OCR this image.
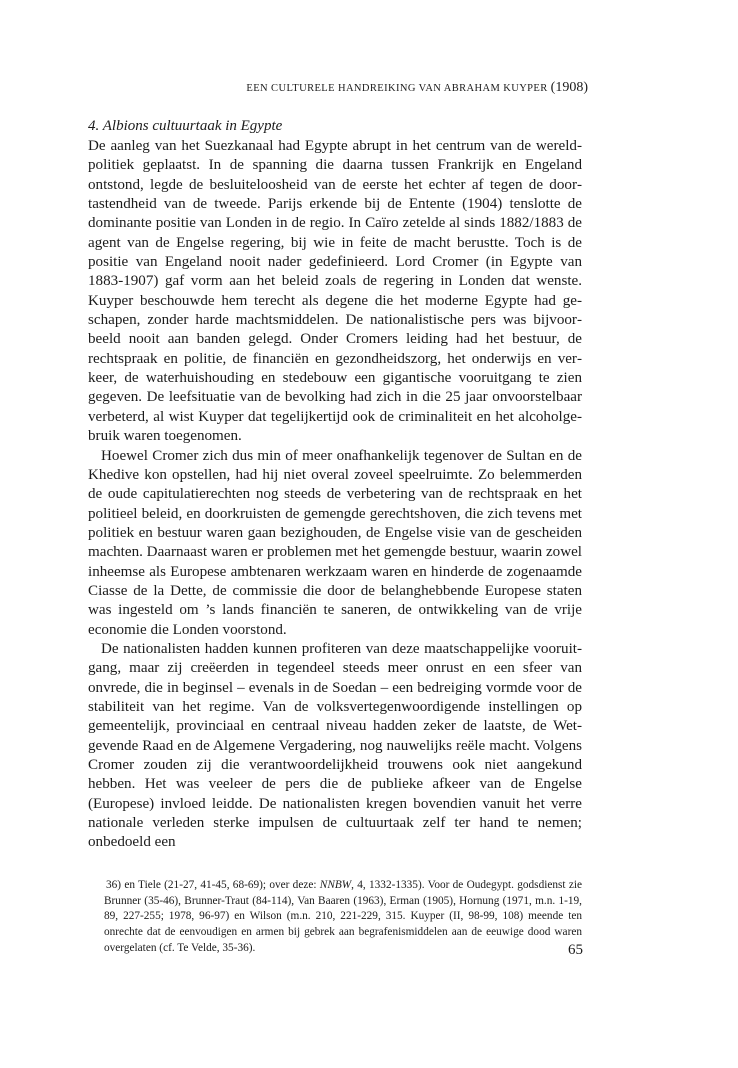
EEN CULTURELE HANDREIKING VAN ABRAHAM KUYPER (1908)
4. Albions cultuurtaak in Egypte

De aanleg van het Suezkanaal had Egypte abrupt in het centrum van de wereldpolitiek geplaatst. In de spanning die daarna tussen Frankrijk en Engeland ontstond, legde de besluiteloosheid van de eerste het echter af tegen de doortastendheid van de tweede. Parijs erkende bij de Entente (1904) tenslotte de dominante positie van Londen in de regio. In Caïro zetelde al sinds 1882/1883 de agent van de Engelse regering, bij wie in feite de macht berustte. Toch is de positie van Engeland nooit nader gedefinieerd. Lord Cromer (in Egypte van 1883-1907) gaf vorm aan het beleid zoals de regering in Londen dat wenste. Kuyper beschouwde hem terecht als degene die het moderne Egypte had geschapen, zonder harde machtsmiddelen. De nationalistische pers was bijvoorbeeld nooit aan banden gelegd. Onder Cromers leiding had het bestuur, de rechtspraak en politie, de financiën en gezondheidszorg, het onderwijs en verkeer, de waterhuishouding en stedebouw een gigantische vooruitgang te zien gegeven. De leefsituatie van de bevolking had zich in die 25 jaar onvoorstelbaar verbeterd, al wist Kuyper dat tegelijkertijd ook de criminaliteit en het alcoholgebruik waren toegenomen.

Hoewel Cromer zich dus min of meer onafhankelijk tegenover de Sultan en de Khedive kon opstellen, had hij niet overal zoveel speelruimte. Zo belemmerden de oude capitulatierechten nog steeds de verbetering van de rechtspraak en het politieel beleid, en doorkruisten de gemengde gerechtshoven, die zich tevens met politiek en bestuur waren gaan bezighouden, de Engelse visie van de gescheiden machten. Daarnaast waren er problemen met het gemengde bestuur, waarin zowel inheemse als Europese ambtenaren werkzaam waren en hinderde de zogenaamde Ciasse de la Dette, de commissie die door de belanghebbende Europese staten was ingesteld om ’s lands financiën te saneren, de ontwikkeling van de vrije economie die Londen voorstond.

De nationalisten hadden kunnen profiteren van deze maatschappelijke vooruitgang, maar zij creëerden in tegendeel steeds meer onrust en een sfeer van onvrede, die in beginsel – evenals in de Soedan – een bedreiging vormde voor de stabiliteit van het regime. Van de volksvertegenwoordigende instellingen op gemeentelijk, provinciaal en centraal niveau hadden zeker de laatste, de Wetgevende Raad en de Algemene Vergadering, nog nauwelijks reële macht. Volgens Cromer zouden zij die verantwoordelijkheid trouwens ook niet aangekund hebben. Het was veeleer de pers die de publieke afkeer van de Engelse (Europese) invloed leidde. De nationalisten kregen bovendien vanuit het verre nationale verleden sterke impulsen de cultuurtaak zelf ter hand te nemen; onbedoeld een

36) en Tiele (21-27, 41-45, 68-69); over deze: NNBW, 4, 1332-1335). Voor de Oudegypt. godsdienst zie Brunner (35-46), Brunner-Traut (84-114), Van Baaren (1963), Erman (1905), Hornung (1971, m.n. 1-19, 89, 227-255; 1978, 96-97) en Wilson (m.n. 210, 221-229, 315. Kuyper (II, 98-99, 108) meende ten onrechte dat de eenvoudigen en armen bij gebrek aan begrafenismiddelen aan de eeuwige dood waren overgelaten (cf. Te Velde, 35-36).	65
